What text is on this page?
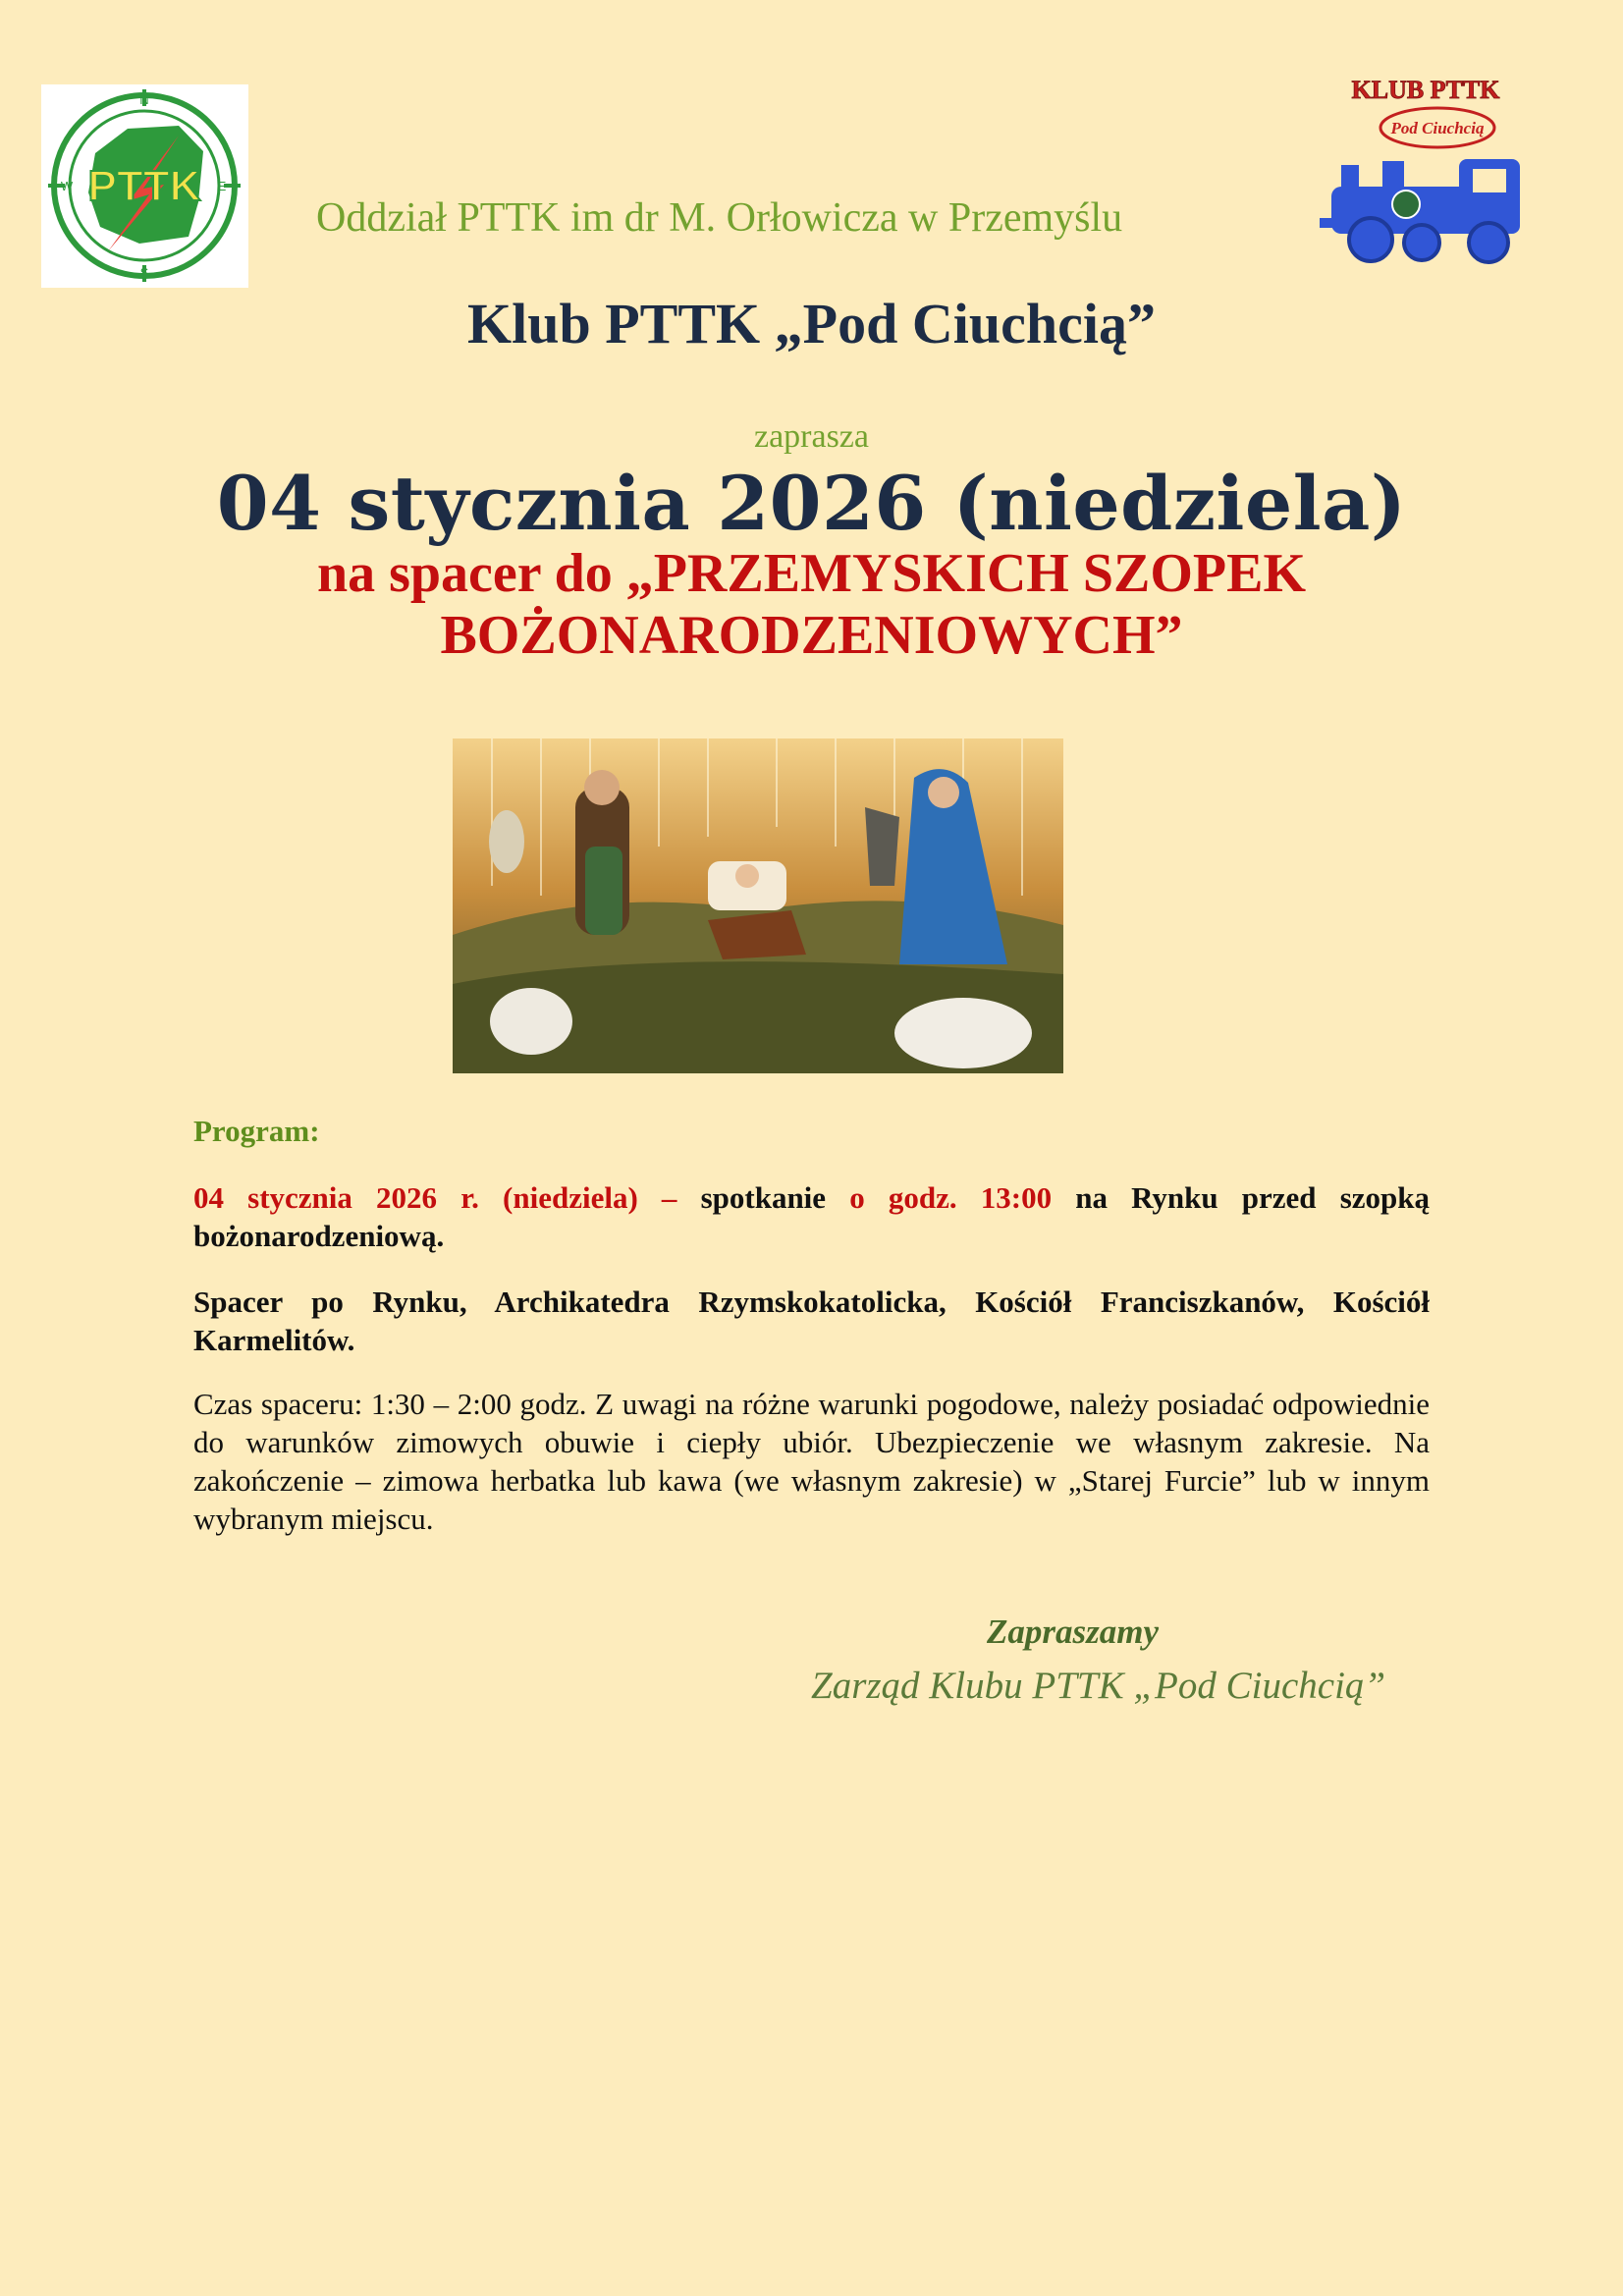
PTTK
N
E
S
W
KLUB PTTK
Pod Ciuchcią
Oddział PTTK im dr M. Orłowicza w Przemyślu
Klub PTTK „Pod Ciuchcią”
zaprasza
04 stycznia 2026 (niedziela)
na spacer do „PRZEMYSKICH SZOPEK
BOŻONARODZENIOWYCH”
Program:
04 stycznia 2026 r. (niedziela) – spotkanie o godz. 13:00 na Rynku przed szopką bożonarodzeniową.
Spacer po Rynku, Archikatedra Rzymskokatolicka, Kościół Franciszkanów, Kościół Karmelitów.
Czas spaceru: 1:30 – 2:00 godz. Z uwagi na różne warunki pogodowe, należy posiadać odpowiednie do warunków zimowych obuwie i ciepły ubiór. Ubezpieczenie we własnym zakresie. Na zakończenie – zimowa herbatka lub kawa (we własnym zakresie) w „Starej Furcie” lub w innym wybranym miejscu.
Zapraszamy
Zarząd Klubu PTTK „Pod Ciuchcią”
